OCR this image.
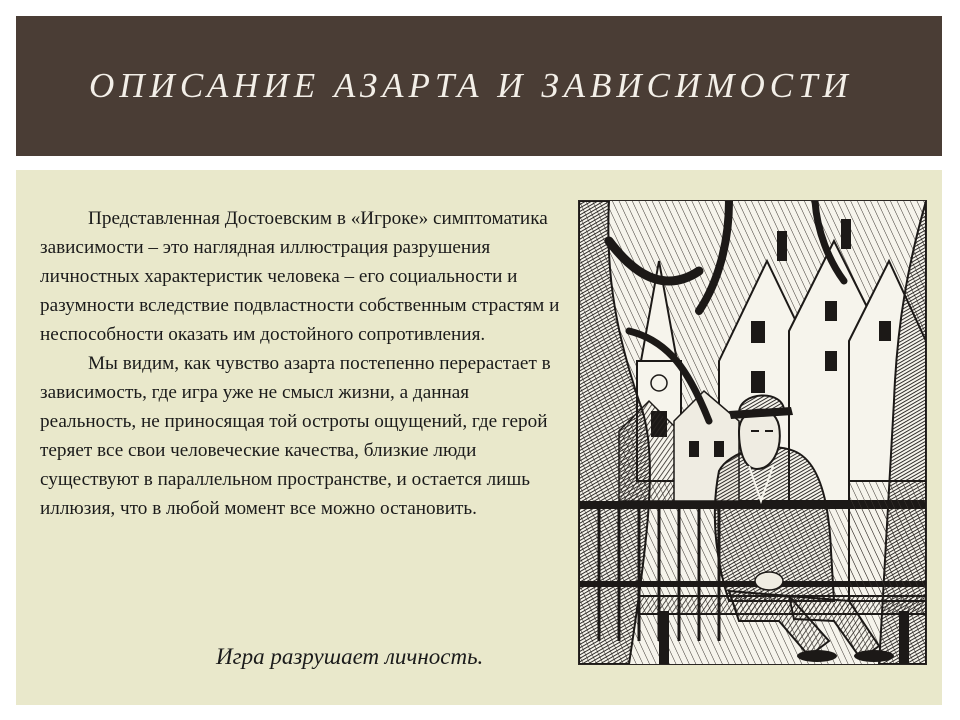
ОПИСАНИЕ АЗАРТА И ЗАВИСИМОСТИ

Представленная Достоевским в «Игроке» симптоматика зависимости – это наглядная иллюстрация разрушения личностных характеристик человека – его социальности и разумности вследствие подвластности собственным страстям и неспособности оказать им достойного сопротивления.

Мы видим, как чувство азарта постепенно перерастает в зависимость, где игра уже не смысл жизни, а данная реальность, не приносящая той остроты ощущений, где герой теряет все свои человеческие качества, близкие люди существуют в параллельном пространстве, и остается лишь иллюзия, что в любой момент все можно остановить.

Игра разрушает личность.
